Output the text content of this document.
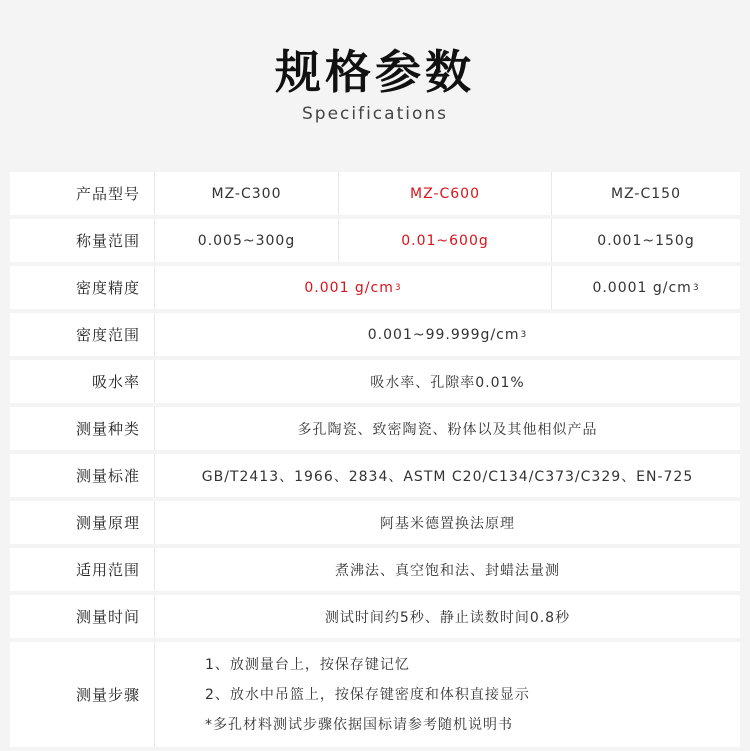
规格参数
Specifications
产品型号	MZ-C300	MZ-C600	MZ-C150
称量范围	0.005~300g	0.01~600g	0.001~150g
密度精度	0.001 g/cm 3	0.0001 g/cm 3
密度范围	0.001~99.999g/cm 3
吸水率	吸水率、孔隙率0.01%
测量种类	多孔陶瓷、致密陶瓷、粉体以及其他相似产品
测量标准	GB/T2413、1966、2834、ASTM C20/C134/C373/C329、EN-725
测量原理	阿基米德置换法原理
适用范围	煮沸法、真空饱和法、封蜡法量测
测量时间	测试时间约5秒、静止读数时间0.8秒
测量步骤
1、放测量台上，按保存键记忆
2、放水中吊篮上，按保存键密度和体积直接显示
*多孔材料测试步骤依据国标请参考随机说明书
